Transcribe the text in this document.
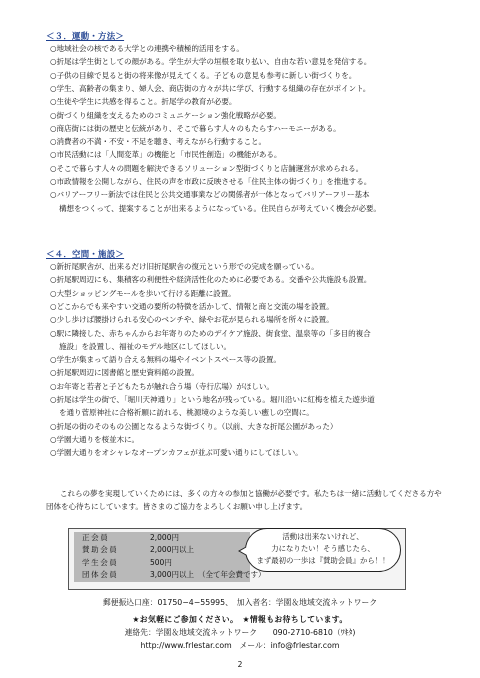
＜３．運動・方法＞
○地域社会の核である大学との連携や積極的活用をする。
○折尾は学生街としての顔がある。学生が大学の垣根を取り払い、自由な若い意見を発信する。
○子供の目線で見ると街の将来像が見えてくる。子どもの意見も参考に新しい街づくりを。
○学生、高齢者の集まり、婦人会、商店街の方々が共に学び、行動する組織の存在がポイント。
○生徒や学生に共感を得ること。折尾学の教育が必要。
○街づくり組織を支えるためのコミュニケーション強化戦略が必要。
○商店街には街の歴史と伝統があり、そこで暮らす人々のもたらすハーモニーがある。
○消費者の不満・不安・不足を聴き、考えながら行動すること。
○市民活動には「人間変革」の機能と「市民性創造」の機能がある。
○そこで暮らす人々の問題を解決できるソリューション型街づくりと店舗運営が求められる。
○市政情報を公開しながら、住民の声を市政に反映させる「住民主体の街づくり」を推進する。
○バリアーフリー新法では住民と公共交通事業などの関係者が一体となってバリアーフリー基本
構想をつくって、提案することが出来るようになっている。住民自らが考えていく機会が必要。
＜４．空間・施設＞
○新折尾駅舎が、出来るだけ旧折尾駅舎の復元という形での完成を願っている。
○折尾駅周辺にも、集積客の利便性や経済活性化のために必要である。交番や公共施設も設置。
○大型ショッピングモールを歩いて行ける距離に設置。
○どこからでも来やすい交通の要所の特徴を活かして、情報と商と交流の場を設置。
○少し歩けば腰掛けられる安心のベンチや、緑やお花が見られる場所を所々に設置。
○駅に隣接した、赤ちゃんからお年寄りのためのデイケア施設、街食堂、温泉等の「多目的複合
施設」を設置し、福祉のモデル地区にしてほしい。
○学生が集まって語り合える無料の場やイベントスペース等の設置。
○折尾駅周辺に図書館と歴史資料館の設置。
○お年寄と若者と子どもたちが触れ合う場（寺行広場）がほしい。
○折尾は学生の街で、「堀川天神通り」という地名が残っている。堀川沿いに紅梅を植えた遊歩道
を通り菅原神社に合格祈願に訪れる、桃源境のような美しい癒しの空間に。
○折尾の街のそのもの公園となるような街づくり。（以前、大きな折尾公園があった）
○学園大通りを桜並木に。
○学園大通りをオシャレなオープンカフェが並ぶ可愛い通りにしてほしい。
これらの夢を実現していくためには、多くの方々の参加と協働が必要です。私たちは一緒に活動してくださる方や団体を心待ちにしています。皆さまのご協力をよろしくお願い申し上げます。
正会員	2,000円
賛助会員	2,000円以上
学生会員	500円
団体会員	3,000円以上 （全て年会費です）
活動は出来ないけれど、
力になりたい！そう感じたら、
まず最初の一歩は『賛助会員』から！！
郵便振込口座：01750−4−55995、　加入者名：学園＆地域交流ネットワーク
★お気軽にご参加ください。　★情報もお待ちしています。
連絡先：学園＆地域交流ネットワーク　　090-2710-6810（ﾜｷﾀ)
http://www.frlestar.com　メール：info@frlestar.com
2
